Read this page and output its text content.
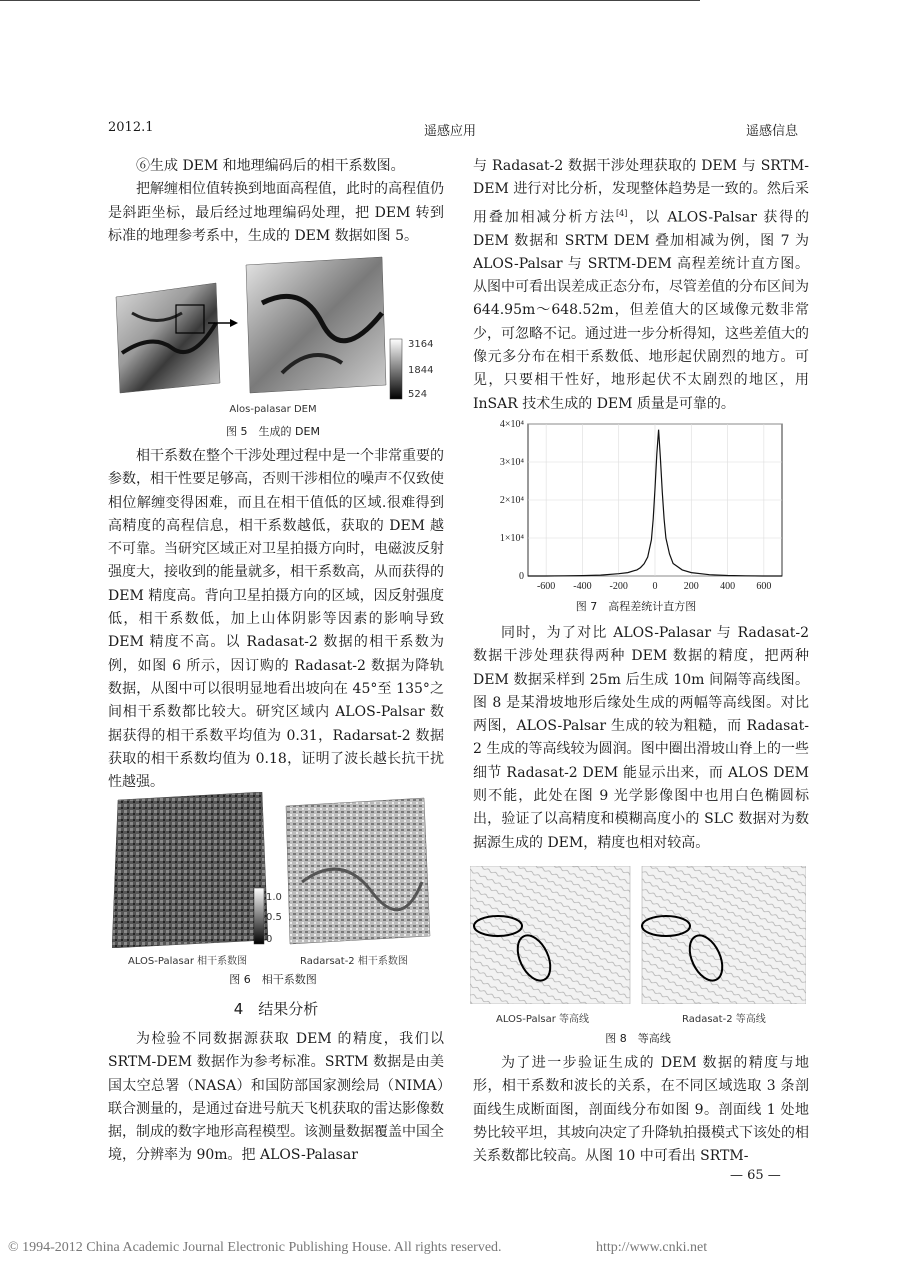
2012.1	遥感应用	遥感信息

⑥生成 DEM 和地理编码后的相干系数图。

把解缠相位值转换到地面高程值，此时的高程值仍是斜距坐标，最后经过地理编码处理，把 DEM 转到标准的地理参考系中，生成的 DEM 数据如图 5。

3164
1844
524
Alos-palasar DEM
图 5　生成的 DEM

相干系数在整个干涉处理过程中是一个非常重要的参数，相干性要足够高，否则干涉相位的噪声不仅致使相位解缠变得困难，而且在相干值低的区域.很难得到高精度的高程信息，相干系数越低，获取的 DEM 越不可靠。当研究区域正对卫星拍摄方向时，电磁波反射强度大，接收到的能量就多，相干系数高，从而获得的 DEM 精度高。背向卫星拍摄方向的区域，因反射强度低，相干系数低，加上山体阴影等因素的影响导致 DEM 精度不高。以 Radasat-2 数据的相干系数为例，如图 6 所示，因订购的 Radasat-2 数据为降轨数据，从图中可以很明显地看出坡向在 45°至 135°之间相干系数都比较大。研究区域内 ALOS-Palsar 数据获得的相干系数平均值为 0.31，Radarsat-2 数据获取的相干系数均值为 0.18，证明了波长越长抗干扰性越强。

1.0
0.5
0
ALOS-Palasar 相干系数图	Radarsat-2 相干系数图
图 6　相干系数图
4　结果分析

为检验不同数据源获取 DEM 的精度，我们以 SRTM-DEM 数据作为参考标准。SRTM 数据是由美国太空总署（NASA）和国防部国家测绘局（NIMA）联合测量的，是通过奋进号航天飞机获取的雷达影像数据，制成的数字地形高程模型。该测量数据覆盖中国全境，分辨率为 90m。把 ALOS-Palasar

与 Radasat-2 数据干涉处理获取的 DEM 与 SRTM-DEM 进行对比分析，发现整体趋势是一致的。然后采用叠加相减分析方法[4]，以 ALOS-Palsar 获得的 DEM 数据和 SRTM DEM 叠加相减为例，图 7 为 ALOS-Palsar 与 SRTM-DEM 高程差统计直方图。从图中可看出误差成正态分布，尽管差值的分布区间为 644.95m～648.52m，但差值大的区域像元数非常少，可忽略不记。通过进一步分析得知，这些差值大的像元多分布在相干系数低、地形起伏剧烈的地方。可见，只要相干性好，地形起伏不太剧烈的地区，用 InSAR 技术生成的 DEM 质量是可靠的。

-600 -400 -200 0	200 400 600
0
1×10⁴
2×10⁴
3×10⁴
4×10⁴
图 7　高程差统计直方图

同时，为了对比 ALOS-Palasar 与 Radasat-2 数据干涉处理获得两种 DEM 数据的精度，把两种 DEM 数据采样到 25m 后生成 10m 间隔等高线图。图 8 是某滑坡地形后缘处生成的两幅等高线图。对比两图，ALOS-Palsar 生成的较为粗糙，而 Radasat-2 生成的等高线较为圆润。图中圈出滑坡山脊上的一些细节 Radasat-2 DEM 能显示出来，而 ALOS DEM 则不能，此处在图 9 光学影像图中也用白色椭圆标出，验证了以高精度和模糊高度小的 SLC 数据对为数据源生成的 DEM，精度也相对较高。

ALOS-Palsar 等高线	Radasat-2 等高线
图 8　等高线

为了进一步验证生成的 DEM 数据的精度与地形，相干系数和波长的关系，在不同区域选取 3 条剖面线生成断面图，剖面线分布如图 9。剖面线 1 处地势比较平坦，其坡向决定了升降轨拍摄模式下该处的相关系数都比较高。从图 10 中可看出 SRTM-

— 65 —
© 1994-2012 China Academic Journal Electronic Publishing House. All rights reserved.	http://www.cnki.net
